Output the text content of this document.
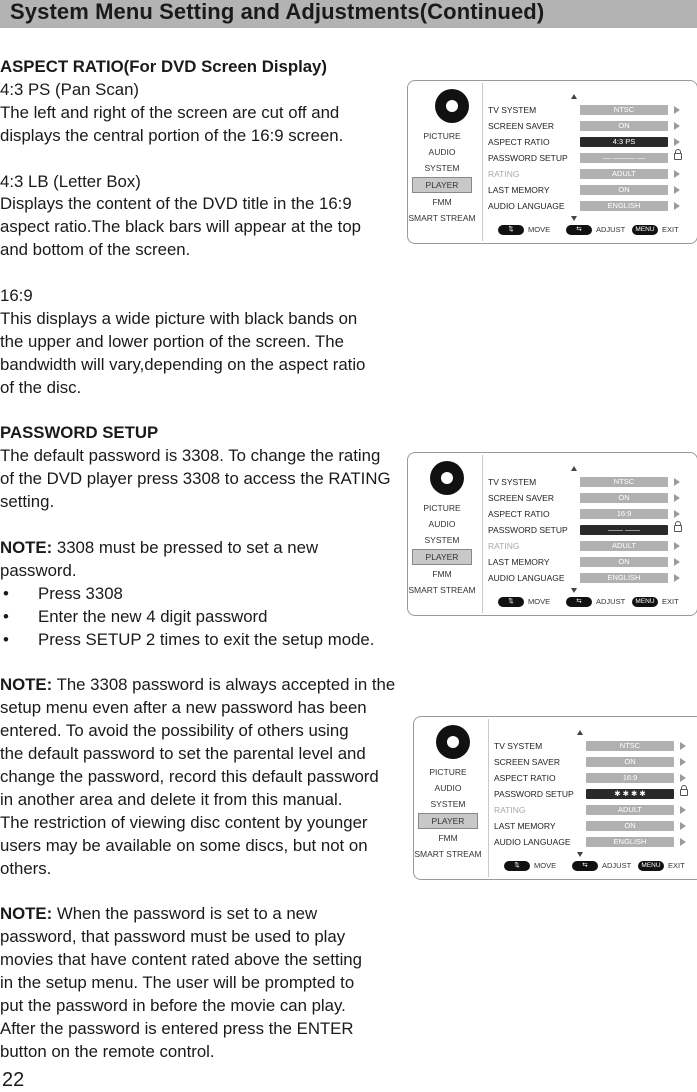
System Menu Setting and Adjustments(Continued)

ASPECT RATIO(For DVD Screen Display)

4:3 PS (Pan Scan)

The left and right of the screen are cut off and

displays the central portion of the 16:9 screen.

4:3 LB (Letter Box)

Displays the content of the DVD title in the 16:9

aspect ratio.The black bars will appear at the top

and bottom of the screen.

16:9

This displays a wide picture with black bands on

the upper and lower portion of the screen. The

bandwidth will vary,depending on the aspect ratio

of the disc.

PASSWORD SETUP

The default password is 3308. To change the rating

of the DVD player press 3308 to access the RATING

setting.

NOTE: 3308 must be pressed to set a new

password.

• Press 3308

• Enter the new 4 digit password

• Press SETUP 2 times to exit the setup mode.

NOTE: The 3308 password is always accepted in the

setup menu even after a new password has been

entered. To avoid the possibility of others using

the default password to set the parental level and

change the password, record this default password

in another area and delete it from this manual.

The restriction of viewing disc content by younger

users may be available on some discs, but not on

others.

NOTE: When the password is set to a new

password, that password must be used to play

movies that have content rated above the setting

in the setup menu. The user will be prompted to

put the password in before the movie can play.

After the password is entered press the ENTER

button on the remote control.

PICTURE
AUDIO
SYSTEM
PLAYER
FMM
SMART STREAM
TV SYSTEM	NTSC
SCREEN SAVER	ON
ASPECT RATIO	4:3 PS
PASSWORD SETUP	— ——— —
RATING	ADULT
LAST MEMORY	ON
AUDIO LANGUAGE	ENGLISH
⇅	MOVE	⇆	ADJUST	MENU EXIT
PICTURE
AUDIO
SYSTEM
PLAYER
FMM
SMART STREAM
TV SYSTEM	NTSC
SCREEN SAVER	ON
ASPECT RATIO	16:9
PASSWORD SETUP	—— ——
RATING	ADULT
LAST MEMORY	ON
AUDIO LANGUAGE	ENGLISH
⇅	MOVE	⇆	ADJUST	MENU EXIT
PICTURE
AUDIO
SYSTEM
PLAYER
FMM
SMART STREAM
TV SYSTEM	NTSC
SCREEN SAVER	ON
ASPECT RATIO	16:9
PASSWORD SETUP	✱ ✱ ✱ ✱
RATING	ADULT
LAST MEMORY	ON
AUDIO LANGUAGE	ENGLISH
⇅	MOVE	⇆	ADJUST	MENU EXIT
22
